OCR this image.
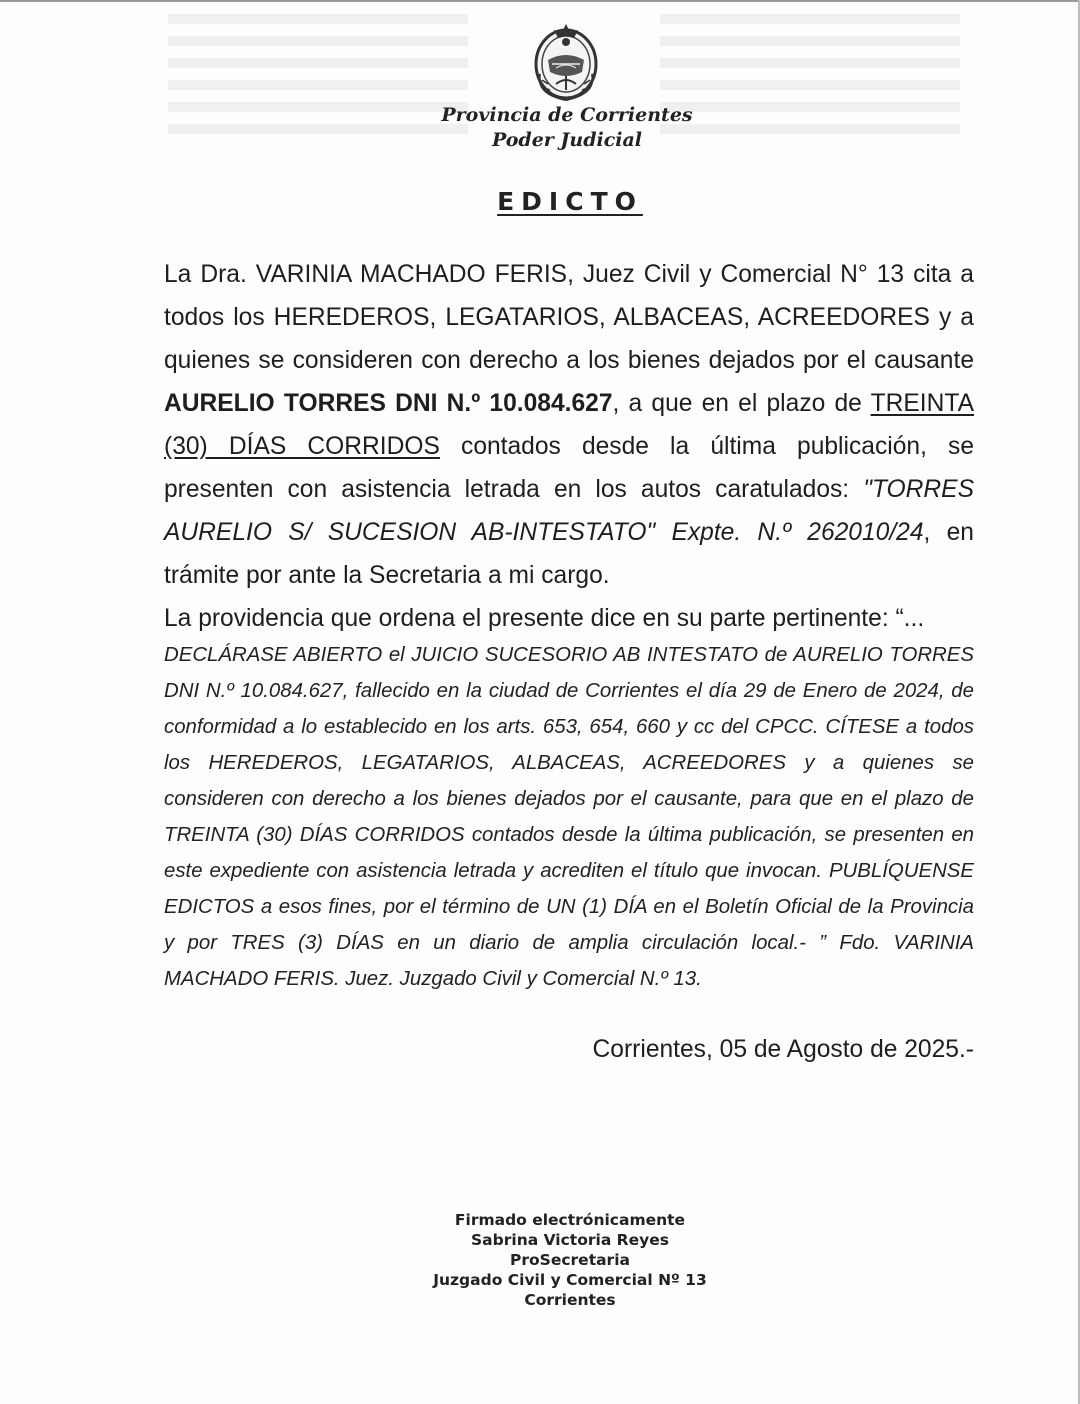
Provincia de Corrientes
Poder Judicial
EDICTO

La Dra. VARINIA MACHADO FERIS, Juez Civil y Comercial N° 13 cita a todos los HEREDEROS, LEGATARIOS, ALBACEAS, ACREEDORES y a quienes se consideren con derecho a los bienes dejados por el causante AURELIO TORRES DNI N.º 10.084.627, a que en el plazo de TREINTA (30) DÍAS CORRIDOS contados desde la última publicación, se presenten con asistencia letrada en los autos caratulados: "TORRES AURELIO S/ SUCESION AB-INTESTATO" Expte. N.º 262010/24, en trámite por ante la Secretaria a mi cargo.

La providencia que ordena el presente dice en su parte pertinente: “...

DECLÁRASE ABIERTO el JUICIO SUCESORIO AB INTESTATO de AURELIO TORRES DNI N.º 10.084.627, fallecido en la ciudad de Corrientes el día 29 de Enero de 2024, de conformidad a lo establecido en los arts. 653, 654, 660 y cc del CPCC. CÍTESE a todos los HEREDEROS, LEGATARIOS, ALBACEAS, ACREEDORES y a quienes se consideren con derecho a los bienes dejados por el causante, para que en el plazo de TREINTA (30) DÍAS CORRIDOS contados desde la última publicación, se presenten en este expediente con asistencia letrada y acrediten el título que invocan. PUBLÍQUENSE EDICTOS a esos fines, por el término de UN (1) DÍA en el Boletín Oficial de la Provincia y por TRES (3) DÍAS en un diario de amplia circulación local.- ” Fdo. VARINIA MACHADO FERIS. Juez. Juzgado Civil y Comercial N.º 13.
Corrientes, 05 de Agosto de 2025.-
Firmado electrónicamente
Sabrina Victoria Reyes
ProSecretaria
Juzgado Civil y Comercial Nº 13
Corrientes
